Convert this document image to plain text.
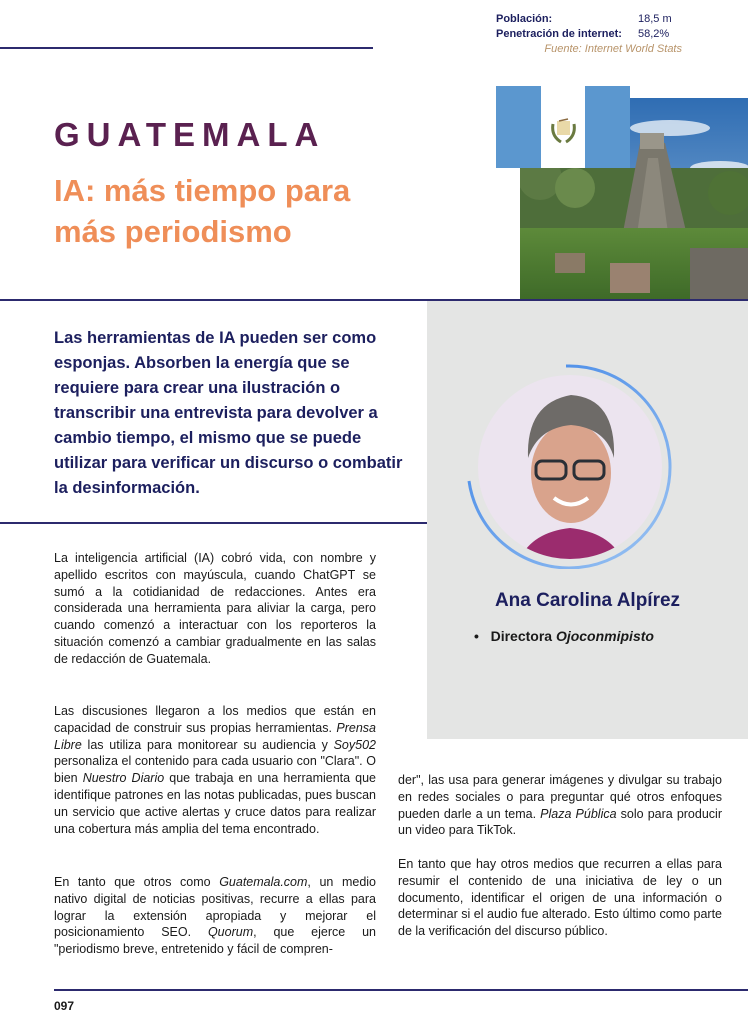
Población:	18,5 m
Penetración de internet:	58,2%
Fuente: Internet World Stats
GUATEMALA
IA: más tiempo para
más periodismo
Las herramientas de IA pueden ser como esponjas. Absorben la energía que se requiere para crear una ilustración o transcribir una entrevista para devolver a cambio tiempo, el mismo que se puede utilizar para verificar un discurso o combatir la desinformación.
Ana Carolina Alpírez
•   Directora Ojoconmipisto
La inteligencia artificial (IA) cobró vida, con nombre y apellido escritos con mayúscula, cuando ChatGPT se sumó a la cotidianidad de redacciones. Antes era considerada una herramienta para aliviar la carga, pero cuando comenzó a interactuar con los reporteros la situación comenzó a cambiar gradualmente en las salas de redacción de Guatemala.
Las discusiones llegaron a los medios que están en capacidad de construir sus propias herramientas. Prensa Libre las utiliza para monitorear su audiencia y Soy502 personaliza el contenido para cada usuario con "Clara". O bien Nuestro Diario que trabaja en una herramienta que identifique patrones en las notas publicadas, pues buscan un servicio que active alertas y cruce datos para realizar una cobertura más amplia del tema encontrado.
En tanto que otros como Guatemala.com, un medio nativo digital de noticias positivas, recurre a ellas para lograr la extensión apropiada y mejorar el posicionamiento SEO. Quorum, que ejerce un "periodismo breve, entretenido y fácil de compren-
der", las usa para generar imágenes y divulgar su trabajo en redes sociales o para preguntar qué otros enfoques pueden darle a un tema. Plaza Pública solo para producir un video para TikTok.
En tanto que hay otros medios que recurren a ellas para resumir el contenido de una iniciativa de ley o un documento, identificar el origen de una información o determinar si el audio fue alterado. Esto último como parte de la verificación del discurso público.
097
